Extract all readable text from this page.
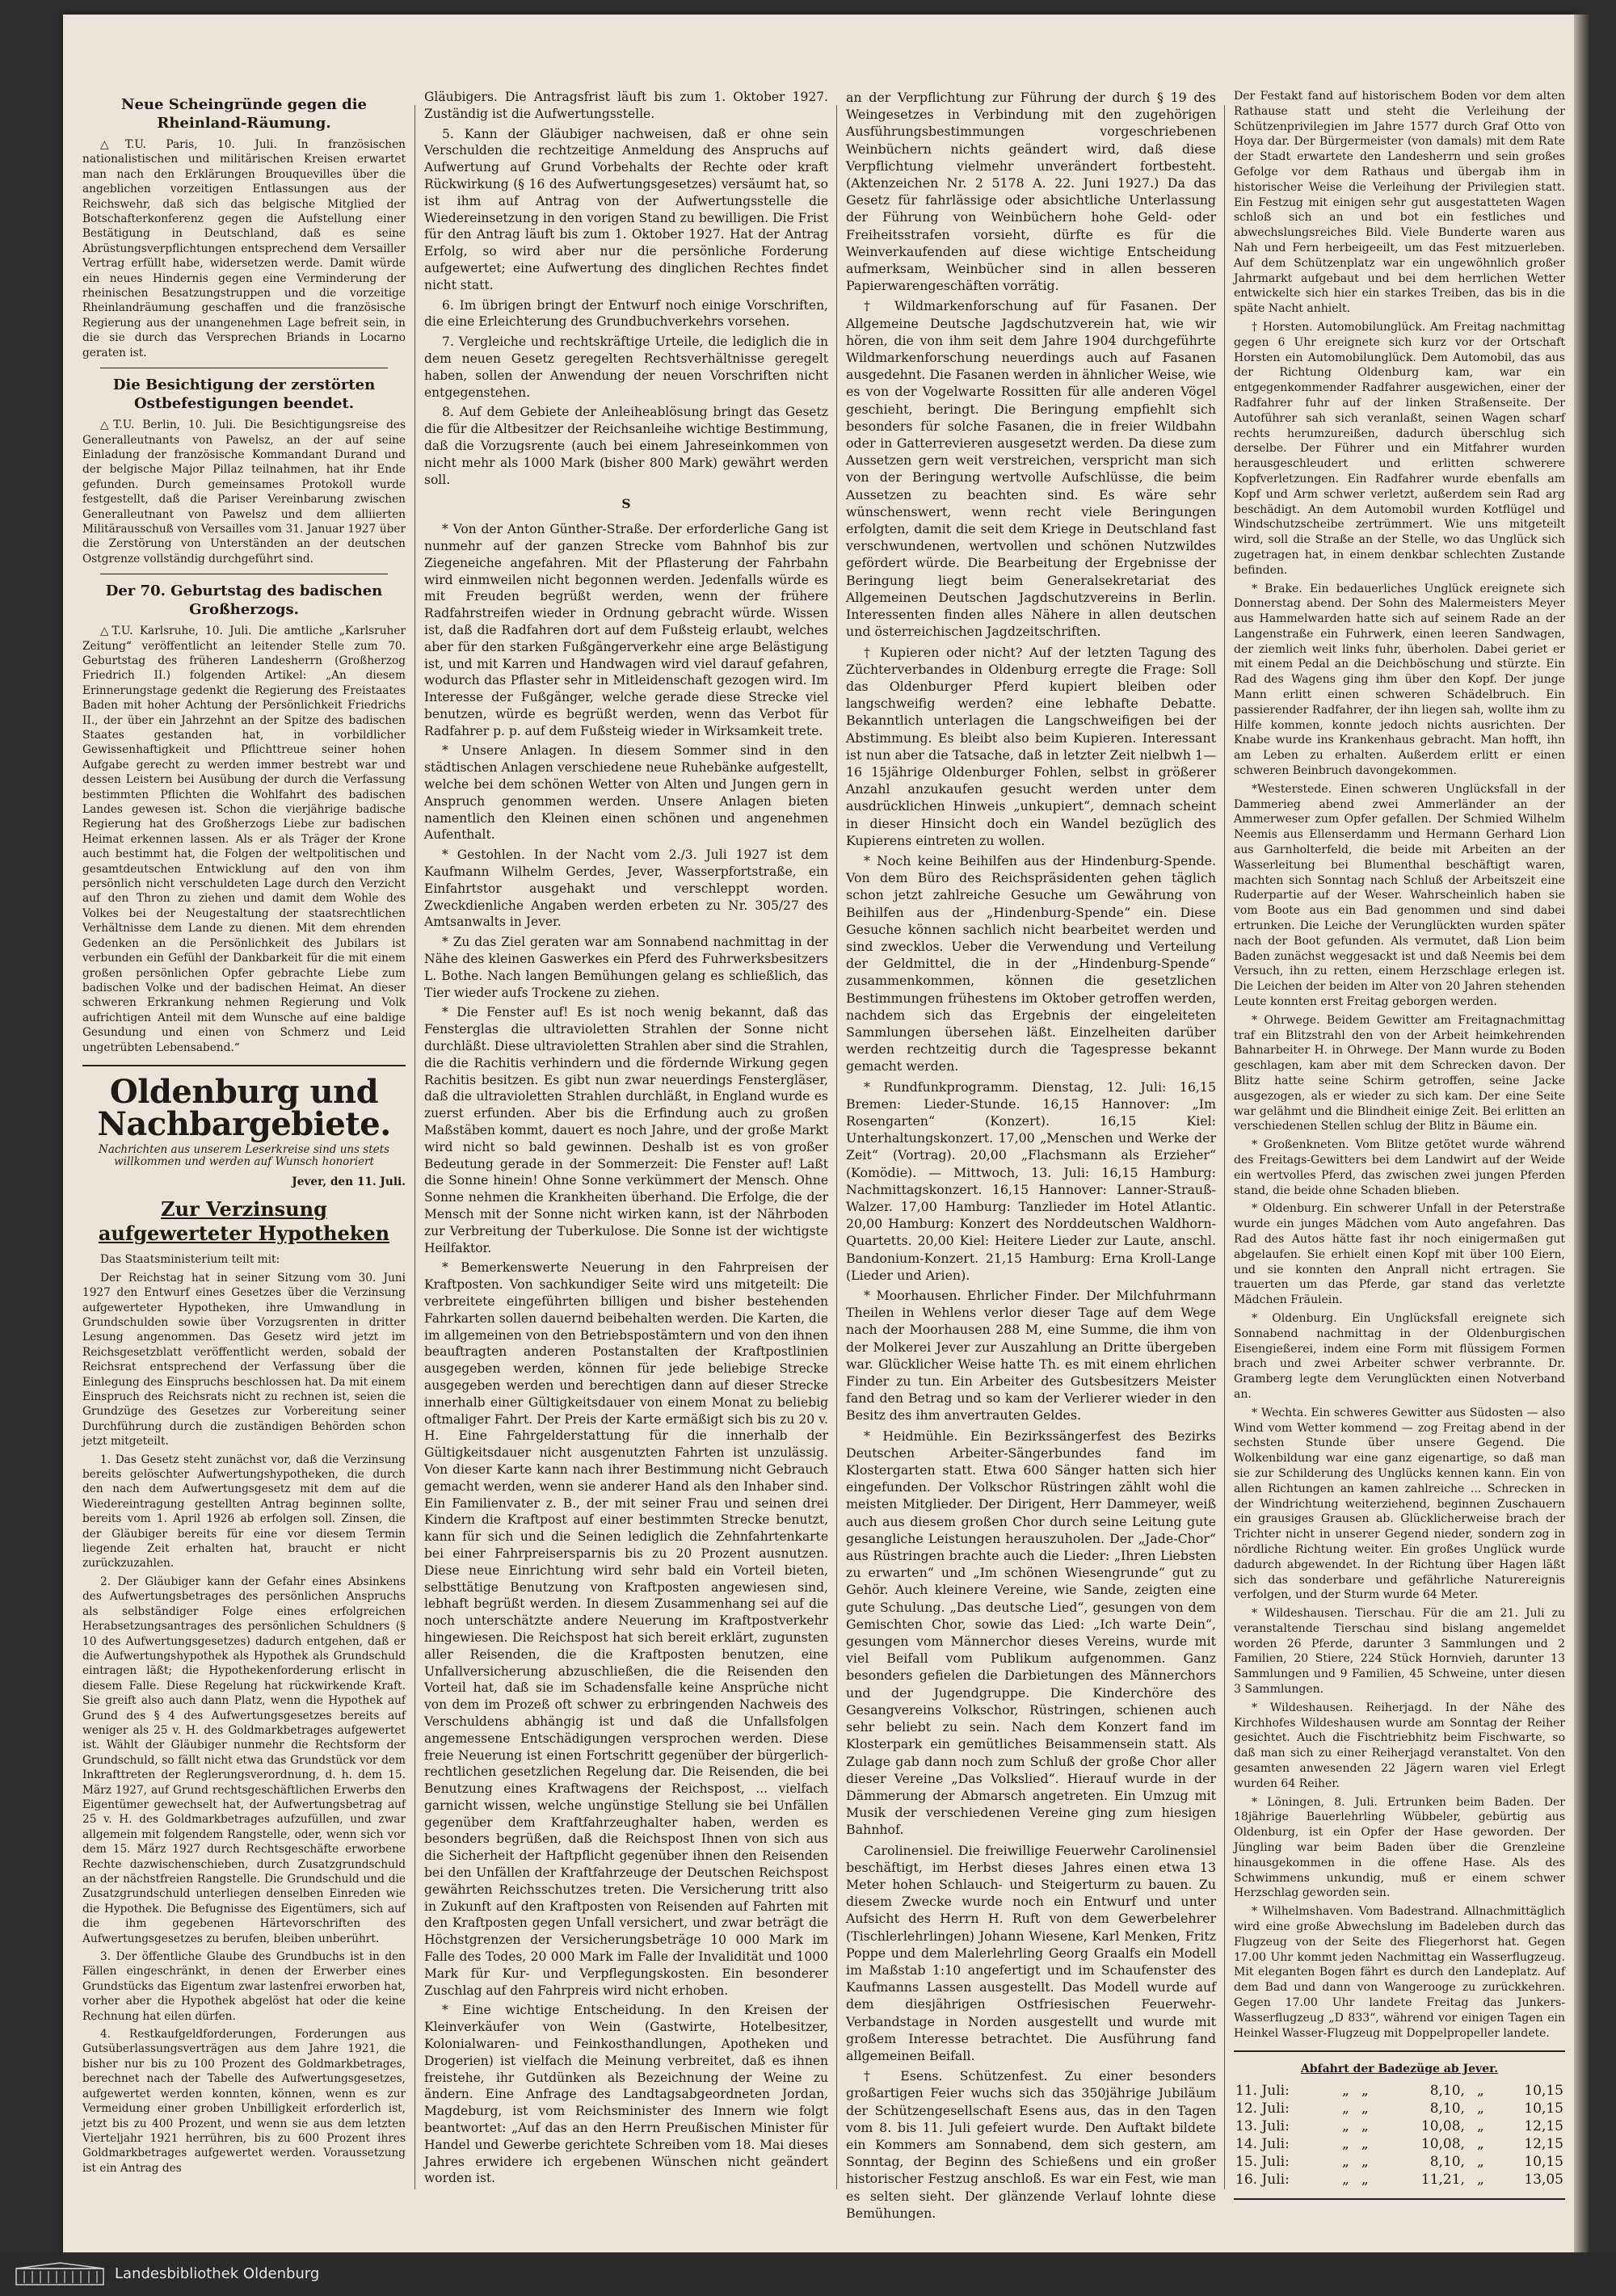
Neue Scheingründe gegen die Rheinland-Räumung.

△T.U. Paris, 10. Juli. In französischen nationalistischen und militärischen Kreisen erwartet man nach den Erklärungen Brouquevilles über die angeblichen vorzeitigen Entlassungen aus der Reichswehr, daß sich das belgische Mitglied der Botschafterkonferenz gegen die Aufstellung einer Bestätigung in Deutschland, daß es seine Abrüstungsverpflichtungen entsprechend dem Versailler Vertrag erfüllt habe, widersetzen werde. Damit würde ein neues Hindernis gegen eine Verminderung der rheinischen Besatzungstruppen und die vorzeitige Rheinlandräumung geschaffen und die französische Regierung aus der unangenehmen Lage befreit sein, in die sie durch das Versprechen Briands in Locarno geraten ist.

Die Besichtigung der zerstörten Ostbefestigungen beendet.

△T.U. Berlin, 10. Juli. Die Besichtigungsreise des Generalleutnants von Pawelsz, an der auf seine Einladung der französische Kommandant Durand und der belgische Major Pillaz teilnahmen, hat ihr Ende gefunden. Durch gemeinsames Protokoll wurde festgestellt, daß die Pariser Vereinbarung zwischen Generalleutnant von Pawelsz und dem alliierten Militärausschuß von Versailles vom 31. Januar 1927 über die Zerstörung von Unterständen an der deutschen Ostgrenze vollständig durchgeführt sind.

Der 70. Geburtstag des badischen Großherzogs.

△T.U. Karlsruhe, 10. Juli. Die amtliche „Karlsruher Zeitung“ veröffentlicht an leitender Stelle zum 70. Geburtstag des früheren Landesherrn (Großherzog Friedrich II.) folgenden Artikel: „An diesem Erinnerungstage gedenkt die Regierung des Freistaates Baden mit hoher Achtung der Persönlichkeit Friedrichs II., der über ein Jahrzehnt an der Spitze des badischen Staates gestanden hat, in vorbildlicher Gewissenhaftigkeit und Pflichttreue seiner hohen Aufgabe gerecht zu werden immer bestrebt war und dessen Leistern bei Ausübung der durch die Verfassung bestimmten Pflichten die Wohlfahrt des badischen Landes gewesen ist. Schon die vierjährige badische Regierung hat des Großherzogs Liebe zur badischen Heimat erkennen lassen. Als er als Träger der Krone auch bestimmt hat, die Folgen der weltpolitischen und gesamtdeutschen Entwicklung auf den von ihm persönlich nicht verschuldeten Lage durch den Verzicht auf den Thron zu ziehen und damit dem Wohle des Volkes bei der Neugestaltung der staatsrechtlichen Verhältnisse dem Lande zu dienen. Mit dem ehrenden Gedenken an die Persönlichkeit des Jubilars ist verbunden ein Gefühl der Dankbarkeit für die mit einem großen persönlichen Opfer gebrachte Liebe zum badischen Volke und der badischen Heimat. An dieser schweren Erkrankung nehmen Regierung und Volk aufrichtigen Anteil mit dem Wunsche auf eine baldige Gesundung und einen von Schmerz und Leid ungetrübten Lebensabend.“

Oldenburg und Nachbargebiete.
Nachrichten aus unserem Leserkreise sind uns stets willkommen und werden auf Wunsch honoriert
Jever, den 11. Juli.
Zur Verzinsung aufgewerteter Hypotheken

Das Staatsministerium teilt mit:

Der Reichstag hat in seiner Sitzung vom 30. Juni 1927 den Entwurf eines Gesetzes über die Verzinsung aufgewerteter Hypotheken, ihre Umwandlung in Grundschulden sowie über Vorzugsrenten in dritter Lesung angenommen. Das Gesetz wird jetzt im Reichsgesetzblatt veröffentlicht werden, sobald der Reichsrat entsprechend der Verfassung über die Einlegung des Einspruchs beschlossen hat. Da mit einem Einspruch des Reichsrats nicht zu rechnen ist, seien die Grundzüge des Gesetzes zur Vorbereitung seiner Durchführung durch die zuständigen Behörden schon jetzt mitgeteilt.

1. Das Gesetz steht zunächst vor, daß die Verzinsung bereits gelöschter Aufwertungshypotheken, die durch den nach dem Aufwertungsgesetz mit dem auf die Wiedereintragung gestellten Antrag beginnen sollte, bereits vom 1. April 1926 ab erfolgen soll. Zinsen, die der Gläubiger bereits für eine vor diesem Termin liegende Zeit erhalten hat, braucht er nicht zurückzuzahlen.

2. Der Gläubiger kann der Gefahr eines Absinkens des Aufwertungsbetrages des persönlichen Anspruchs als selbständiger Folge eines erfolgreichen Herabsetzungsantrages des persönlichen Schuldners (§ 10 des Aufwertungsgesetzes) dadurch entgehen, daß er die Aufwertungshypothek als Hypothek als Grundschuld eintragen läßt; die Hypothekenforderung erlischt in diesem Falle. Diese Regelung hat rückwirkende Kraft. Sie greift also auch dann Platz, wenn die Hypothek auf Grund des § 4 des Aufwertungsgesetzes bereits auf weniger als 25 v. H. des Goldmarkbetrages aufgewertet ist. Wählt der Gläubiger nunmehr die Rechtsform der Grundschuld, so fällt nicht etwa das Grundstück vor dem Inkrafttreten der Reglerungsverordnung, d. h. dem 15. März 1927, auf Grund rechtsgeschäftlichen Erwerbs den Eigentümer gewechselt hat, der Aufwertungsbetrag auf 25 v. H. des Goldmarkbetrages aufzufüllen, und zwar allgemein mit folgendem Rangstelle, oder, wenn sich vor dem 15. März 1927 durch Rechtsgeschäfte erworbene Rechte dazwischenschieben, durch Zusatzgrundschuld an der nächstfreien Rangstelle. Die Grundschuld und die Zusatzgrundschuld unterliegen denselben Einreden wie die Hypothek. Die Befugnisse des Eigentümers, sich auf die ihm gegebenen Härtevorschriften des Aufwertungsgesetzes zu berufen, bleiben unberührt.

3. Der öffentliche Glaube des Grundbuchs ist in den Fällen eingeschränkt, in denen der Erwerber eines Grundstücks das Eigentum zwar lastenfrei erworben hat, vorher aber die Hypothek abgelöst hat oder die keine Rechnung hat eilen dürfen.

4. Restkaufgeldforderungen, Forderungen aus Gutsüberlassungsverträgen aus dem Jahre 1921, die bisher nur bis zu 100 Prozent des Goldmarkbetrages, berechnet nach der Tabelle des Aufwertungsgesetzes, aufgewertet werden konnten, können, wenn es zur Vermeidung einer groben Unbilligkeit erforderlich ist, jetzt bis zu 400 Prozent, und wenn sie aus dem letzten Vierteljahr 1921 herrühren, bis zu 600 Prozent ihres Goldmarkbetrages aufgewertet werden. Voraussetzung ist ein Antrag des

Gläubigers. Die Antragsfrist läuft bis zum 1. Oktober 1927. Zuständig ist die Aufwertungsstelle.

5. Kann der Gläubiger nachweisen, daß er ohne sein Verschulden die rechtzeitige Anmeldung des Anspruchs auf Aufwertung auf Grund Vorbehalts der Rechte oder kraft Rückwirkung (§ 16 des Aufwertungsgesetzes) versäumt hat, so ist ihm auf Antrag von der Aufwertungsstelle die Wiedereinsetzung in den vorigen Stand zu bewilligen. Die Frist für den Antrag läuft bis zum 1. Oktober 1927. Hat der Antrag Erfolg, so wird aber nur die persönliche Forderung aufgewertet; eine Aufwertung des dinglichen Rechtes findet nicht statt.

6. Im übrigen bringt der Entwurf noch einige Vorschriften, die eine Erleichterung des Grundbuchverkehrs vorsehen.

7. Vergleiche und rechtskräftige Urteile, die lediglich die in dem neuen Gesetz geregelten Rechtsverhältnisse geregelt haben, sollen der Anwendung der neuen Vorschriften nicht entgegenstehen.

8. Auf dem Gebiete der Anleiheablösung bringt das Gesetz die für die Altbesitzer der Reichsanleihe wichtige Bestimmung, daß die Vorzugsrente (auch bei einem Jahreseinkommen von nicht mehr als 1000 Mark (bisher 800 Mark) gewährt werden soll.

S

* Von der Anton Günther-Straße. Der erforderliche Gang ist nunmehr auf der ganzen Strecke vom Bahnhof bis zur Ziegeneiche angefahren. Mit der Pflasterung der Fahrbahn wird einmweilen nicht begonnen werden. Jedenfalls würde es mit Freuden begrüßt werden, wenn der frühere Radfahrstreifen wieder in Ordnung gebracht würde. Wissen ist, daß die Radfahren dort auf dem Fußsteig erlaubt, welches aber für den starken Fußgängerverkehr eine arge Belästigung ist, und mit Karren und Handwagen wird viel darauf gefahren, wodurch das Pflaster sehr in Mitleidenschaft gezogen wird. Im Interesse der Fußgänger, welche gerade diese Strecke viel benutzen, würde es begrüßt werden, wenn das Verbot für Radfahrer p. p. auf dem Fußsteig wieder in Wirksamkeit trete.

* Unsere Anlagen. In diesem Sommer sind in den städtischen Anlagen verschiedene neue Ruhebänke aufgestellt, welche bei dem schönen Wetter von Alten und Jungen gern in Anspruch genommen werden. Unsere Anlagen bieten namentlich den Kleinen einen schönen und angenehmen Aufenthalt.

* Gestohlen. In der Nacht vom 2./3. Juli 1927 ist dem Kaufmann Wilhelm Gerdes, Jever, Wasserpfortstraße, ein Einfahrtstor ausgehakt und verschleppt worden. Zweckdienliche Angaben werden erbeten zu Nr. 305/27 des Amtsanwalts in Jever.

* Zu das Ziel geraten war am Sonnabend nachmittag in der Nähe des kleinen Gaswerkes ein Pferd des Fuhrwerksbesitzers L. Bothe. Nach langen Bemühungen gelang es schließlich, das Tier wieder aufs Trockene zu ziehen.

* Die Fenster auf! Es ist noch wenig bekannt, daß das Fensterglas die ultravioletten Strahlen der Sonne nicht durchläßt. Diese ultravioletten Strahlen aber sind die Strahlen, die die Rachitis verhindern und die fördernde Wirkung gegen Rachitis besitzen. Es gibt nun zwar neuerdings Fenstergläser, daß die ultravioletten Strahlen durchläßt, in England wurde es zuerst erfunden. Aber bis die Erfindung auch zu großen Maßstäben kommt, dauert es noch Jahre, und der große Markt wird nicht so bald gewinnen. Deshalb ist es von großer Bedeutung gerade in der Sommerzeit: Die Fenster auf! Laßt die Sonne hinein! Ohne Sonne verkümmert der Mensch. Ohne Sonne nehmen die Krankheiten überhand. Die Erfolge, die der Mensch mit der Sonne nicht wirken kann, ist der Nährboden zur Verbreitung der Tuberkulose. Die Sonne ist der wichtigste Heilfaktor.

* Bemerkenswerte Neuerung in den Fahrpreisen der Kraftposten. Von sachkundiger Seite wird uns mitgeteilt: Die verbreitete eingeführten billigen und bisher bestehenden Fahrkarten sollen dauernd beibehalten werden. Die Karten, die im allgemeinen von den Betriebspostämtern und von den ihnen beauftragten anderen Postanstalten der Kraftpostlinien ausgegeben werden, können für jede beliebige Strecke ausgegeben werden und berechtigen dann auf dieser Strecke innerhalb einer Gültigkeitsdauer von einem Monat zu beliebig oftmaliger Fahrt. Der Preis der Karte ermäßigt sich bis zu 20 v. H. Eine Fahrgelderstattung für die innerhalb der Gültigkeitsdauer nicht ausgenutzten Fahrten ist unzulässig. Von dieser Karte kann nach ihrer Bestimmung nicht Gebrauch gemacht werden, wenn sie anderer Hand als den Inhaber sind. Ein Familienvater z. B., der mit seiner Frau und seinen drei Kindern die Kraftpost auf einer bestimmten Strecke benutzt, kann für sich und die Seinen lediglich die Zehnfahrtenkarte bei einer Fahrpreisersparnis bis zu 20 Prozent ausnutzen. Diese neue Einrichtung wird sehr bald ein Vorteil bieten, selbsttätige Benutzung von Kraftposten angewiesen sind, lebhaft begrüßt werden. In diesem Zusammenhang sei auf die noch unterschätzte andere Neuerung im Kraftpostverkehr hingewiesen. Die Reichspost hat sich bereit erklärt, zugunsten aller Reisenden, die die Kraftposten benutzen, eine Unfallversicherung abzuschließen, die die Reisenden den Vorteil hat, daß sie im Schadensfalle keine Ansprüche nicht von dem im Prozeß oft schwer zu erbringenden Nachweis des Verschuldens abhängig ist und daß die Unfallsfolgen angemessene Entschädigungen versprochen werden. Diese freie Neuerung ist einen Fortschritt gegenüber der bürgerlich-rechtlichen gesetzlichen Regelung dar. Die Reisenden, die bei Benutzung eines Kraftwagens der Reichspost, ... vielfach garnicht wissen, welche ungünstige Stellung sie bei Unfällen gegenüber dem Kraftfahrzeughalter haben, werden es besonders begrüßen, daß die Reichspost Ihnen von sich aus die Sicherheit der Haftpflicht gegenüber ihnen den Reisenden bei den Unfällen der Kraftfahrzeuge der Deutschen Reichspost gewährten Reichsschutzes treten. Die Versicherung tritt also in Zukunft auf den Kraftposten von Reisenden auf Fahrten mit den Kraftposten gegen Unfall versichert, und zwar beträgt die Höchstgrenzen der Versicherungsbeträge 10 000 Mark im Falle des Todes, 20 000 Mark im Falle der Invalidität und 1000 Mark für Kur- und Verpflegungskosten. Ein besonderer Zuschlag auf den Fahrpreis wird nicht erhoben.

* Eine wichtige Entscheidung. In den Kreisen der Kleinverkäufer von Wein (Gastwirte, Hotelbesitzer, Kolonialwaren- und Feinkosthandlungen, Apotheken und Drogerien) ist vielfach die Meinung verbreitet, daß es ihnen freistehe, ihr Gutdünken als Bezeichnung der Weine zu ändern. Eine Anfrage des Landtagsabgeordneten Jordan, Magdeburg, ist vom Reichsminister des Innern wie folgt beantwortet: „Auf das an den Herrn Preußischen Minister für Handel und Gewerbe gerichtete Schreiben vom 18. Mai dieses Jahres erwidere ich ergebenen Wünschen nicht geändert worden ist.

an der Verpflichtung zur Führung der durch § 19 des Weingesetzes in Verbindung mit den zugehörigen Ausführungsbestimmungen vorgeschriebenen Weinbüchern nichts geändert wird, daß diese Verpflichtung vielmehr unverändert fortbesteht. (Aktenzeichen Nr. 2 5178 A. 22. Juni 1927.) Da das Gesetz für fahrlässige oder absichtliche Unterlassung der Führung von Weinbüchern hohe Geld- oder Freiheitsstrafen vorsieht, dürfte es für die Weinverkaufenden auf diese wichtige Entscheidung aufmerksam, Weinbücher sind in allen besseren Papierwarengeschäften vorrätig.

† Wildmarkenforschung auf für Fasanen. Der Allgemeine Deutsche Jagdschutzverein hat, wie wir hören, die von ihm seit dem Jahre 1904 durchgeführte Wildmarkenforschung neuerdings auch auf Fasanen ausgedehnt. Die Fasanen werden in ähnlicher Weise, wie es von der Vogelwarte Rossitten für alle anderen Vögel geschieht, beringt. Die Beringung empfiehlt sich besonders für solche Fasanen, die in freier Wildbahn oder in Gatterrevieren ausgesetzt werden. Da diese zum Aussetzen gern weit verstreichen, verspricht man sich von der Beringung wertvolle Aufschlüsse, die beim Aussetzen zu beachten sind. Es wäre sehr wünschenswert, wenn recht viele Beringungen erfolgten, damit die seit dem Kriege in Deutschland fast verschwundenen, wertvollen und schönen Nutzwildes gefördert würde. Die Bearbeitung der Ergebnisse der Beringung liegt beim Generalsekretariat des Allgemeinen Deutschen Jagdschutzvereins in Berlin. Interessenten finden alles Nähere in allen deutschen und österreichischen Jagdzeitschriften.

† Kupieren oder nicht? Auf der letzten Tagung des Züchterverbandes in Oldenburg erregte die Frage: Soll das Oldenburger Pferd kupiert bleiben oder langschweifig werden? eine lebhafte Debatte. Bekanntlich unterlagen die Langschweifigen bei der Abstimmung. Es bleibt also beim Kupieren. Interessant ist nun aber die Tatsache, daß in letzter Zeit nielbwh 1—16 15jährige Oldenburger Fohlen, selbst in größerer Anzahl anzukaufen gesucht werden unter dem ausdrücklichen Hinweis „unkupiert“, demnach scheint in dieser Hinsicht doch ein Wandel bezüglich des Kupierens eintreten zu wollen.

* Noch keine Beihilfen aus der Hindenburg-Spende. Von dem Büro des Reichspräsidenten gehen täglich schon jetzt zahlreiche Gesuche um Gewährung von Beihilfen aus der „Hindenburg-Spende“ ein. Diese Gesuche können sachlich nicht bearbeitet werden und sind zwecklos. Ueber die Verwendung und Verteilung der Geldmittel, die in der „Hindenburg-Spende“ zusammenkommen, können die gesetzlichen Bestimmungen frühestens im Oktober getroffen werden, nachdem sich das Ergebnis der eingeleiteten Sammlungen übersehen läßt. Einzelheiten darüber werden rechtzeitig durch die Tagespresse bekannt gemacht werden.

* Rundfunkprogramm. Dienstag, 12. Juli: 16,15 Bremen: Lieder-Stunde. 16,15 Hannover: „Im Rosengarten“ (Konzert). 16,15 Kiel: Unterhaltungskonzert. 17,00 „Menschen und Werke der Zeit“ (Vortrag). 20,00 „Flachsmann als Erzieher“ (Komödie). — Mittwoch, 13. Juli: 16,15 Hamburg: Nachmittagskonzert. 16,15 Hannover: Lanner-Strauß-Walzer. 17,00 Hamburg: Tanzlieder im Hotel Atlantic. 20,00 Hamburg: Konzert des Norddeutschen Waldhorn-Quartetts. 20,00 Kiel: Heitere Lieder zur Laute, anschl. Bandonium-Konzert. 21,15 Hamburg: Erna Kroll-Lange (Lieder und Arien).

* Moorhausen. Ehrlicher Finder. Der Milchfuhrmann Theilen in Wehlens verlor dieser Tage auf dem Wege nach der Moorhausen 288 M, eine Summe, die ihm von der Molkerei Jever zur Auszahlung an Dritte übergeben war. Glücklicher Weise hatte Th. es mit einem ehrlichen Finder zu tun. Ein Arbeiter des Gutsbesitzers Meister fand den Betrag und so kam der Verlierer wieder in den Besitz des ihm anvertrauten Geldes.

* Heidmühle. Ein Bezirkssängerfest des Bezirks Deutschen Arbeiter-Sängerbundes fand im Klostergarten statt. Etwa 600 Sänger hatten sich hier eingefunden. Der Volkschor Rüstringen zählt wohl die meisten Mitglieder. Der Dirigent, Herr Dammeyer, weiß auch aus diesem großen Chor durch seine Leitung gute gesangliche Leistungen herauszuholen. Der „Jade-Chor“ aus Rüstringen brachte auch die Lieder: „Ihren Liebsten zu erwarten“ und „Im schönen Wiesengrunde“ gut zu Gehör. Auch kleinere Vereine, wie Sande, zeigten eine gute Schulung. „Das deutsche Lied“, gesungen von dem Gemischten Chor, sowie das Lied: „Ich warte Dein“, gesungen vom Männerchor dieses Vereins, wurde mit viel Beifall vom Publikum aufgenommen. Ganz besonders gefielen die Darbietungen des Männerchors und der Jugendgruppe. Die Kinderchöre des Gesangvereins Volkschor, Rüstringen, schienen auch sehr beliebt zu sein. Nach dem Konzert fand im Klosterpark ein gemütliches Beisammensein statt. Als Zulage gab dann noch zum Schluß der große Chor aller dieser Vereine „Das Volkslied“. Hierauf wurde in der Dämmerung der Abmarsch angetreten. Ein Umzug mit Musik der verschiedenen Vereine ging zum hiesigen Bahnhof.

Carolinensiel. Die freiwillige Feuerwehr Carolinensiel beschäftigt, im Herbst dieses Jahres einen etwa 13 Meter hohen Schlauch- und Steigerturm zu bauen. Zu diesem Zwecke wurde noch ein Entwurf und unter Aufsicht des Herrn H. Ruft von dem Gewerbelehrer (Tischlerlehrlingen) Johann Wiesene, Karl Menken, Fritz Poppe und dem Malerlehrling Georg Graalfs ein Modell im Maßstab 1:10 angefertigt und im Schaufenster des Kaufmanns Lassen ausgestellt. Das Modell wurde auf dem diesjährigen Ostfriesischen Feuerwehr-Verbandstage in Norden ausgestellt und wurde mit großem Interesse betrachtet. Die Ausführung fand allgemeinen Beifall.

† Esens. Schützenfest. Zu einer besonders großartigen Feier wuchs sich das 350jährige Jubiläum der Schützengesellschaft Esens aus, das in den Tagen vom 8. bis 11. Juli gefeiert wurde. Den Auftakt bildete ein Kommers am Sonnabend, dem sich gestern, am Sonntag, der Beginn des Schießens und ein großer historischer Festzug anschloß. Es war ein Fest, wie man es selten sieht. Der glänzende Verlauf lohnte diese Bemühungen.

Der Festakt fand auf historischem Boden vor dem alten Rathause statt und steht die Verleihung der Schützenprivilegien im Jahre 1577 durch Graf Otto von Hoya dar. Der Bürgermeister (von damals) mit dem Rate der Stadt erwartete den Landesherrn und sein großes Gefolge vor dem Rathaus und übergab ihm in historischer Weise die Verleihung der Privilegien statt. Ein Festzug mit einigen sehr gut ausgestatteten Wagen schloß sich an und bot ein festliches und abwechslungsreiches Bild. Viele Bunderte waren aus Nah und Fern herbeigeeilt, um das Fest mitzuerleben. Auf dem Schützenplatz war ein ungewöhnlich großer Jahrmarkt aufgebaut und bei dem herrlichen Wetter entwickelte sich hier ein starkes Treiben, das bis in die späte Nacht anhielt.

† Horsten. Automobilunglück. Am Freitag nachmittag gegen 6 Uhr ereignete sich kurz vor der Ortschaft Horsten ein Automobilunglück. Dem Automobil, das aus der Richtung Oldenburg kam, war ein entgegenkommender Radfahrer ausgewichen, einer der Radfahrer fuhr auf der linken Straßenseite. Der Autoführer sah sich veranlaßt, seinen Wagen scharf rechts herumzureißen, dadurch überschlug sich derselbe. Der Führer und ein Mitfahrer wurden herausgeschleudert und erlitten schwerere Kopfverletzungen. Ein Radfahrer wurde ebenfalls am Kopf und Arm schwer verletzt, außerdem sein Rad arg beschädigt. An dem Automobil wurden Kotflügel und Windschutzscheibe zertrümmert. Wie uns mitgeteilt wird, soll die Straße an der Stelle, wo das Unglück sich zugetragen hat, in einem denkbar schlechten Zustande befinden.

* Brake. Ein bedauerliches Unglück ereignete sich Donnerstag abend. Der Sohn des Malermeisters Meyer aus Hammelwarden hatte sich auf seinem Rade an der Langenstraße ein Fuhrwerk, einen leeren Sandwagen, der ziemlich weit links fuhr, überholen. Dabei geriet er mit einem Pedal an die Deichböschung und stürzte. Ein Rad des Wagens ging ihm über den Kopf. Der junge Mann erlitt einen schweren Schädelbruch. Ein passierender Radfahrer, der ihn liegen sah, wollte ihm zu Hilfe kommen, konnte jedoch nichts ausrichten. Der Knabe wurde ins Krankenhaus gebracht. Man hofft, ihn am Leben zu erhalten. Außerdem erlitt er einen schweren Beinbruch davongekommen.

*Westerstede. Einen schweren Unglücksfall in der Dammerieg abend zwei Ammerländer an der Ammerweser zum Opfer gefallen. Der Schmied Wilhelm Neemis aus Ellenserdamm und Hermann Gerhard Lion aus Garnholterfeld, die beide mit Arbeiten an der Wasserleitung bei Blumenthal beschäftigt waren, machten sich Sonntag nach Schluß der Arbeitszeit eine Ruderpartie auf der Weser. Wahrscheinlich haben sie vom Boote aus ein Bad genommen und sind dabei ertrunken. Die Leiche der Verunglückten wurden später nach der Boot gefunden. Als vermutet, daß Lion beim Baden zunächst weggesackt ist und daß Neemis bei dem Versuch, ihn zu retten, einem Herzschlage erlegen ist. Die Leichen der beiden im Alter von 20 Jahren stehenden Leute konnten erst Freitag geborgen werden.

* Ohrwege. Beidem Gewitter am Freitagnachmittag traf ein Blitzstrahl den von der Arbeit heimkehrenden Bahnarbeiter H. in Ohrwege. Der Mann wurde zu Boden geschlagen, kam aber mit dem Schrecken davon. Der Blitz hatte seine Schirm getroffen, seine Jacke ausgezogen, als er wieder zu sich kam. Der eine Seite war gelähmt und die Blindheit einige Zeit. Bei erlitten an verschiedenen Stellen schlug der Blitz in Bäume ein.

* Großenkneten. Vom Blitze getötet wurde während des Freitags-Gewitters bei dem Landwirt auf der Weide ein wertvolles Pferd, das zwischen zwei jungen Pferden stand, die beide ohne Schaden blieben.

* Oldenburg. Ein schwerer Unfall in der Peterstraße wurde ein junges Mädchen vom Auto angefahren. Das Rad des Autos hätte fast ihr noch einigermaßen gut abgelaufen. Sie erhielt einen Kopf mit über 100 Eiern, und sie konnten den Anprall nicht ertragen. Sie trauerten um das Pferde, gar stand das verletzte Mädchen Fräulein.

* Oldenburg. Ein Unglücksfall ereignete sich Sonnabend nachmittag in der Oldenburgischen Eisengießerei, indem eine Form mit flüssigem Formen brach und zwei Arbeiter schwer verbrannte. Dr. Gramberg legte dem Verunglückten einen Notverband an.

* Wechta. Ein schweres Gewitter aus Südosten — also Wind vom Wetter kommend — zog Freitag abend in der sechsten Stunde über unsere Gegend. Die Wolkenbildung war eine ganz eigenartige, so daß man sie zur Schilderung des Unglücks kennen kann. Ein von allen Richtungen an kamen zahlreiche ... Schrecken in der Windrichtung weiterziehend, beginnen Zuschauern ein grausiges Grausen ab. Glücklicherweise brach der Trichter nicht in unserer Gegend nieder, sondern zog in nördliche Richtung weiter. Ein großes Unglück wurde dadurch abgewendet. In der Richtung über Hagen läßt sich das sonderbare und gefährliche Naturereignis verfolgen, und der Sturm wurde 64 Meter.

* Wildeshausen. Tierschau. Für die am 21. Juli zu veranstaltende Tierschau sind bislang angemeldet worden 26 Pferde, darunter 3 Sammlungen und 2 Familien, 20 Stiere, 224 Stück Hornvieh, darunter 13 Sammlungen und 9 Familien, 45 Schweine, unter diesen 3 Sammlungen.

* Wildeshausen. Reiherjagd. In der Nähe des Kirchhofes Wildeshausen wurde am Sonntag der Reiher gesichtet. Auch die Fischtriebhitz beim Fischwarte, so daß man sich zu einer Reiherjagd veranstaltet. Von den gesamten anwesenden 22 Jägern waren viel Erlegt wurden 64 Reiher.

* Löningen, 8. Juli. Ertrunken beim Baden. Der 18jährige Bauerlehrling Wübbeler, gebürtig aus Oldenburg, ist ein Opfer der Hase geworden. Der Jüngling war beim Baden über die Grenzleine hinausgekommen in die offene Hase. Als des Schwimmens unkundig, muß er einem schwer Herzschlag geworden sein.

* Wilhelmshaven. Vom Badestrand. Allnachmittäglich wird eine große Abwechslung im Badeleben durch das Flugzeug von der Seite des Fliegerhorst hat. Gegen 17.00 Uhr kommt jeden Nachmittag ein Wasserflugzeug. Mit eleganten Bogen fährt es durch den Landeplatz. Auf dem Bad und dann von Wangerooge zu zurückkehren. Gegen 17.00 Uhr landete Freitag das Junkers-Wasserflugzeug „D 833“, während vor einigen Tagen ein Heinkel Wasser-Flugzeug mit Doppelpropeller landete.

Abfahrt der Badezüge ab Jever.
11. Juli:	„	„	8,10,	„	10,15
12. Juli:	„	„	8,10,	„	10,15
13. Juli:	„	„	10,08,	„	12,15
14. Juli:	„	„	10,08,	„	12,15
15. Juli:	„	„	8,10,	„	10,15
16. Juli:	„	„	11,21,	„	13,05
Landesbibliothek Oldenburg
